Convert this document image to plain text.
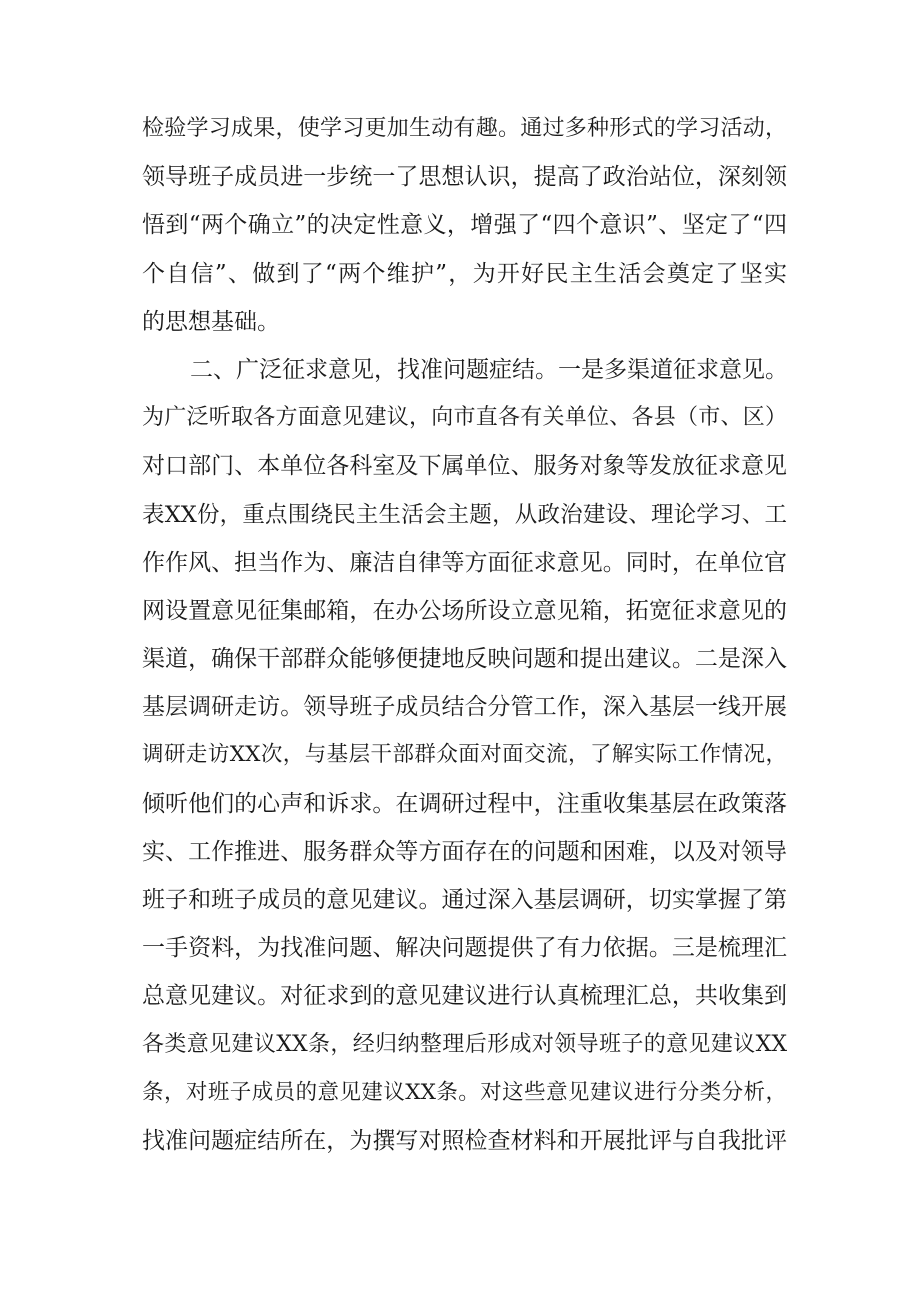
检验学习成果，使学习更加生动有趣。通过多种形式的学习活动，
领导班子成员进一步统一了思想认识，提高了政治站位，深刻领
悟到“两个确立”的决定性意义，增强了“四个意识”、坚定了“四
个自信”、做到了“两个维护”，为开好民主生活会奠定了坚实
的思想基础。
二、广泛征求意见，找准问题症结。一是多渠道征求意见。
为广泛听取各方面意见建议，向市直各有关单位、各县（市、区）
对口部门、本单位各科室及下属单位、服务对象等发放征求意见
表XX份，重点围绕民主生活会主题，从政治建设、理论学习、工
作作风、担当作为、廉洁自律等方面征求意见。同时，在单位官
网设置意见征集邮箱，在办公场所设立意见箱，拓宽征求意见的
渠道，确保干部群众能够便捷地反映问题和提出建议。二是深入
基层调研走访。领导班子成员结合分管工作，深入基层一线开展
调研走访XX次，与基层干部群众面对面交流，了解实际工作情况，
倾听他们的心声和诉求。在调研过程中，注重收集基层在政策落
实、工作推进、服务群众等方面存在的问题和困难，以及对领导
班子和班子成员的意见建议。通过深入基层调研，切实掌握了第
一手资料，为找准问题、解决问题提供了有力依据。三是梳理汇
总意见建议。对征求到的意见建议进行认真梳理汇总，共收集到
各类意见建议XX条，经归纳整理后形成对领导班子的意见建议XX
条，对班子成员的意见建议XX条。对这些意见建议进行分类分析，
找准问题症结所在，为撰写对照检查材料和开展批评与自我批评
